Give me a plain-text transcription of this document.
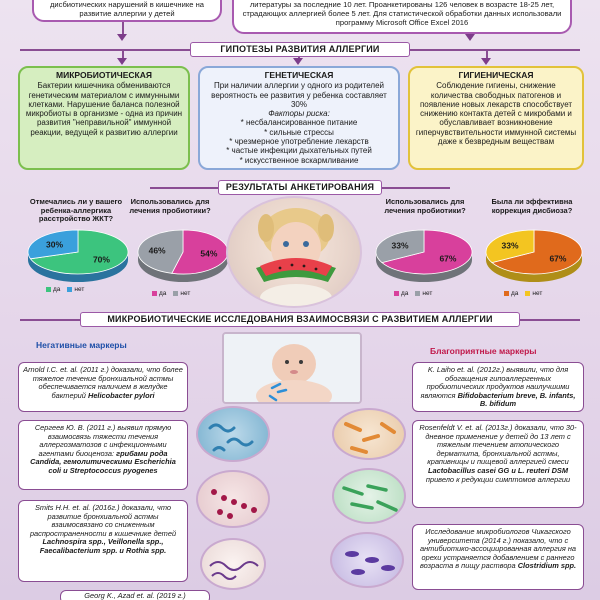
дисбиотических нарушений в кишечнике на развитие аллергии у детей
литературы за последние 10 лет. Проанкетированы 126 человек в возрасте 18-25 лет, страдающих аллергией более 5 лет. Для статистической обработки данных использовали программу Microsoft Office Excel 2016
ГИПОТЕЗЫ РАЗВИТИЯ АЛЛЕРГИИ
МИКРОБИОТИЧЕСКАЯ
Бактерии кишечника обмениваются генетическим материалом с иммунными клетками. Нарушение баланса полезной микробиоты в организме - одна из причин развития "неправильной" иммунной реакции, ведущей к развитию аллергии
ГЕНЕТИЧЕСКАЯ
При наличии аллергии у одного из родителей вероятность ее развития у ребенка составляет 30%
Факторы риска:
* несбалансированное питание
* сильные стрессы
* чрезмерное употребление лекарств
* частые инфекции дыхательных путей
* искусственное вскармливание
ГИГИЕНИЧЕСКАЯ
Соблюдение гигиены, снижение количества свободных патогенов и появление новых лекарств способствует снижению контакта детей с микробами и обуславливает возникновение гиперчувствительности иммунной системы даже к безвредным веществам
РЕЗУЛЬТАТЫ АНКЕТИРОВАНИЯ
Отмечались ли у вашего ребенка-аллергика расстройство ЖКТ?
70%
30%
да	нет
Использовались для лечения пробиотики?
54%
46%
да	нет
Использовались для лечения пробиотики?
67%
33%
да	нет
Была ли эффективна коррекция дисбиоза?
67%
33%
да	нет
МИКРОБИОТИЧЕСКИЕ ИССЛЕДОВАНИЯ ВЗАИМОСВЯЗИ С РАЗВИТИЕМ АЛЛЕРГИИ
Негативные маркеры
Благоприятные маркеры
Arnold I.C. et. al. (2011 г.) доказали, что более тяжелое течение бронхиальной астмы обеспечивается наличием в желудке бактерий Helicobacter pylori
Сергеев Ю. В. (2011 г.) выявил прямую взаимосвязь тяжести течения аллергозматозов с инфекционными агентами биоценоза: грибами рода Candida, гемолитическими Escherichia coli и Streptococcus pyogenes
Smits H.H. et. al. (2016г.) доказали, что развитие бронхиальной астмы взаимосвязано со сниженным распространенности в кишечнике детей Lachnospira spp., Veillonella spp., Faecalibacterium spp. и Rothia spp.
Georg K., Azad et. al. (2019 г.)
K. Laiho et. al. (2012г.) выявили, что для обогащения гипоаллергенных пробиотических продуктов наилучшими являются Bifidobacterium breve, B. infants, B. bifidum
Rosenfeldt V. et. al. (2013г.) доказали, что 30-дневное применение у детей до 13 лет с тяжелым течением атопического дерматита, бронхиальной астмы, крапивницы и пищевой аллергией смеси Lactobacillus casei GG и L. reuteri DSM привело к редукции симптомов аллергии
Исследование микробиологов Чикагского университета (2014 г.) показало, что с антибиотико-ассоциированная аллергия на орехи устраняется добавлением с раннего возраста в пищу раствора Clostridium spp.
